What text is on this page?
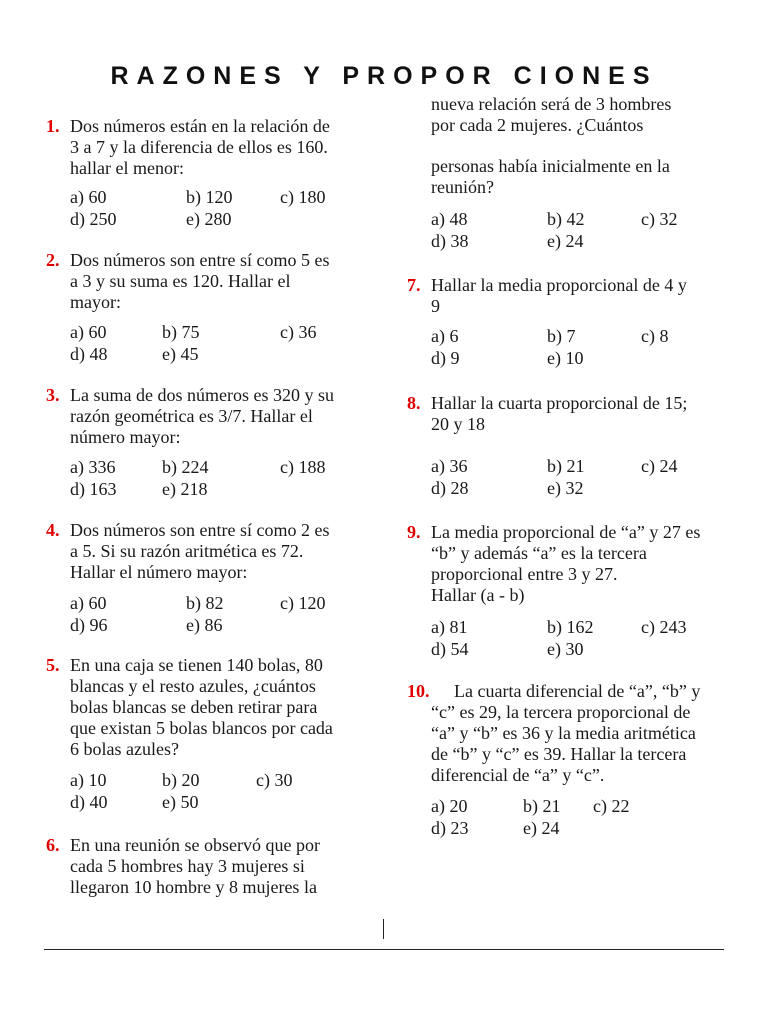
RAZONES Y PROPOR CIONES
1. Dos números están en la relación de
3 a 7 y la diferencia de ellos es 160.
hallar el menor:
a) 60	b) 120	c) 180
d) 250	e) 280
2. Dos números son entre sí como 5 es
a 3 y su suma es 120. Hallar el
mayor:
a) 60	b) 75	c) 36
d) 48	e) 45
3. La suma de dos números es 320 y su
razón geométrica es 3/7. Hallar el
número mayor:
a) 336	b) 224	c) 188
d) 163	e) 218
4. Dos números son entre sí como 2 es
a 5. Si su razón aritmética es 72.
Hallar el número mayor:
a) 60	b) 82	c) 120
d) 96	e) 86
5. En una caja se tienen 140 bolas, 80
blancas y el resto azules, ¿cuántos
bolas blancas se deben retirar para
que existan 5 bolas blancos por cada
6 bolas azules?
a) 10	b) 20	c) 30
d) 40	e) 50
6. En una reunión se observó que por
cada 5 hombres hay 3 mujeres si
llegaron 10 hombre y 8 mujeres la
nueva relación será de 3 hombres
por cada 2 mujeres. ¿Cuántos
personas había inicialmente en la
reunión?
a) 48	b) 42	c) 32
d) 38	e) 24
7. Hallar la media proporcional de 4 y
9
a) 6	b) 7	c) 8
d) 9	e) 10
8. Hallar la cuarta proporcional de 15;
20 y 18
a) 36	b) 21	c) 24
d) 28	e) 32
9. La media proporcional de “a” y 27 es
“b” y además “a” es la tercera
proporcional entre 3 y 27.
Hallar (a - b)
a) 81	b) 162	c) 243
d) 54	e) 30
10.	La cuarta diferencial de “a”, “b” y
“c” es 29, la tercera proporcional de
“a” y “b” es 36 y la media aritmética
de “b” y “c” es 39. Hallar la tercera
diferencial de “a” y “c”.
a) 20	b) 21 c) 22
d) 23	e) 24
